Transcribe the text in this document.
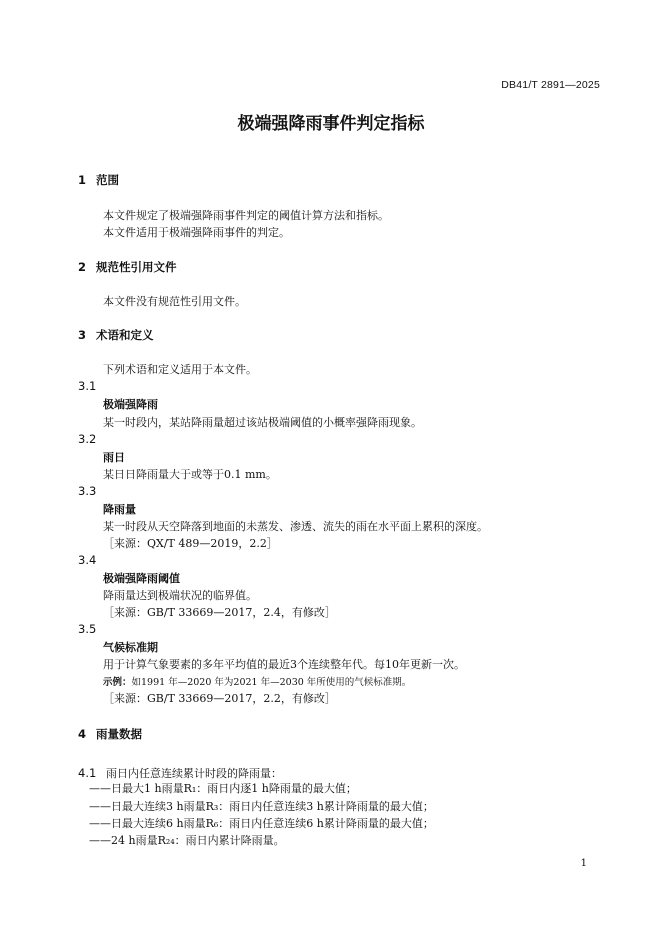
DB41/T 2891—2025
极端强降雨事件判定指标
1 范围
本文件规定了极端强降雨事件判定的阈值计算方法和指标。
本文件适用于极端强降雨事件的判定。
2 规范性引用文件
本文件没有规范性引用文件。
3 术语和定义
下列术语和定义适用于本文件。
3.1
极端强降雨
某一时段内，某站降雨量超过该站极端阈值的小概率强降雨现象。
3.2
雨日
某日日降雨量大于或等于0.1 mm。
3.3
降雨量
某一时段从天空降落到地面的未蒸发、渗透、流失的雨在水平面上累积的深度。
［来源：QX/T 489—2019，2.2］
3.4
极端强降雨阈值
降雨量达到极端状况的临界值。
［来源：GB/T 33669—2017，2.4，有修改］
3.5
气候标准期
用于计算气象要素的多年平均值的最近3个连续整年代。每10年更新一次。
示例：如1991 年—2020 年为2021 年—2030 年所使用的气候标准期。
［来源：GB/T 33669—2017，2.2，有修改］
4 雨量数据
4.1 雨日内任意连续累计时段的降雨量：
——日最大1 h雨量R₁：雨日内逐1 h降雨量的最大值；
——日最大连续3 h雨量R₃：雨日内任意连续3 h累计降雨量的最大值；
——日最大连续6 h雨量R₆：雨日内任意连续6 h累计降雨量的最大值；
——24 h雨量R₂₄：雨日内累计降雨量。
1
